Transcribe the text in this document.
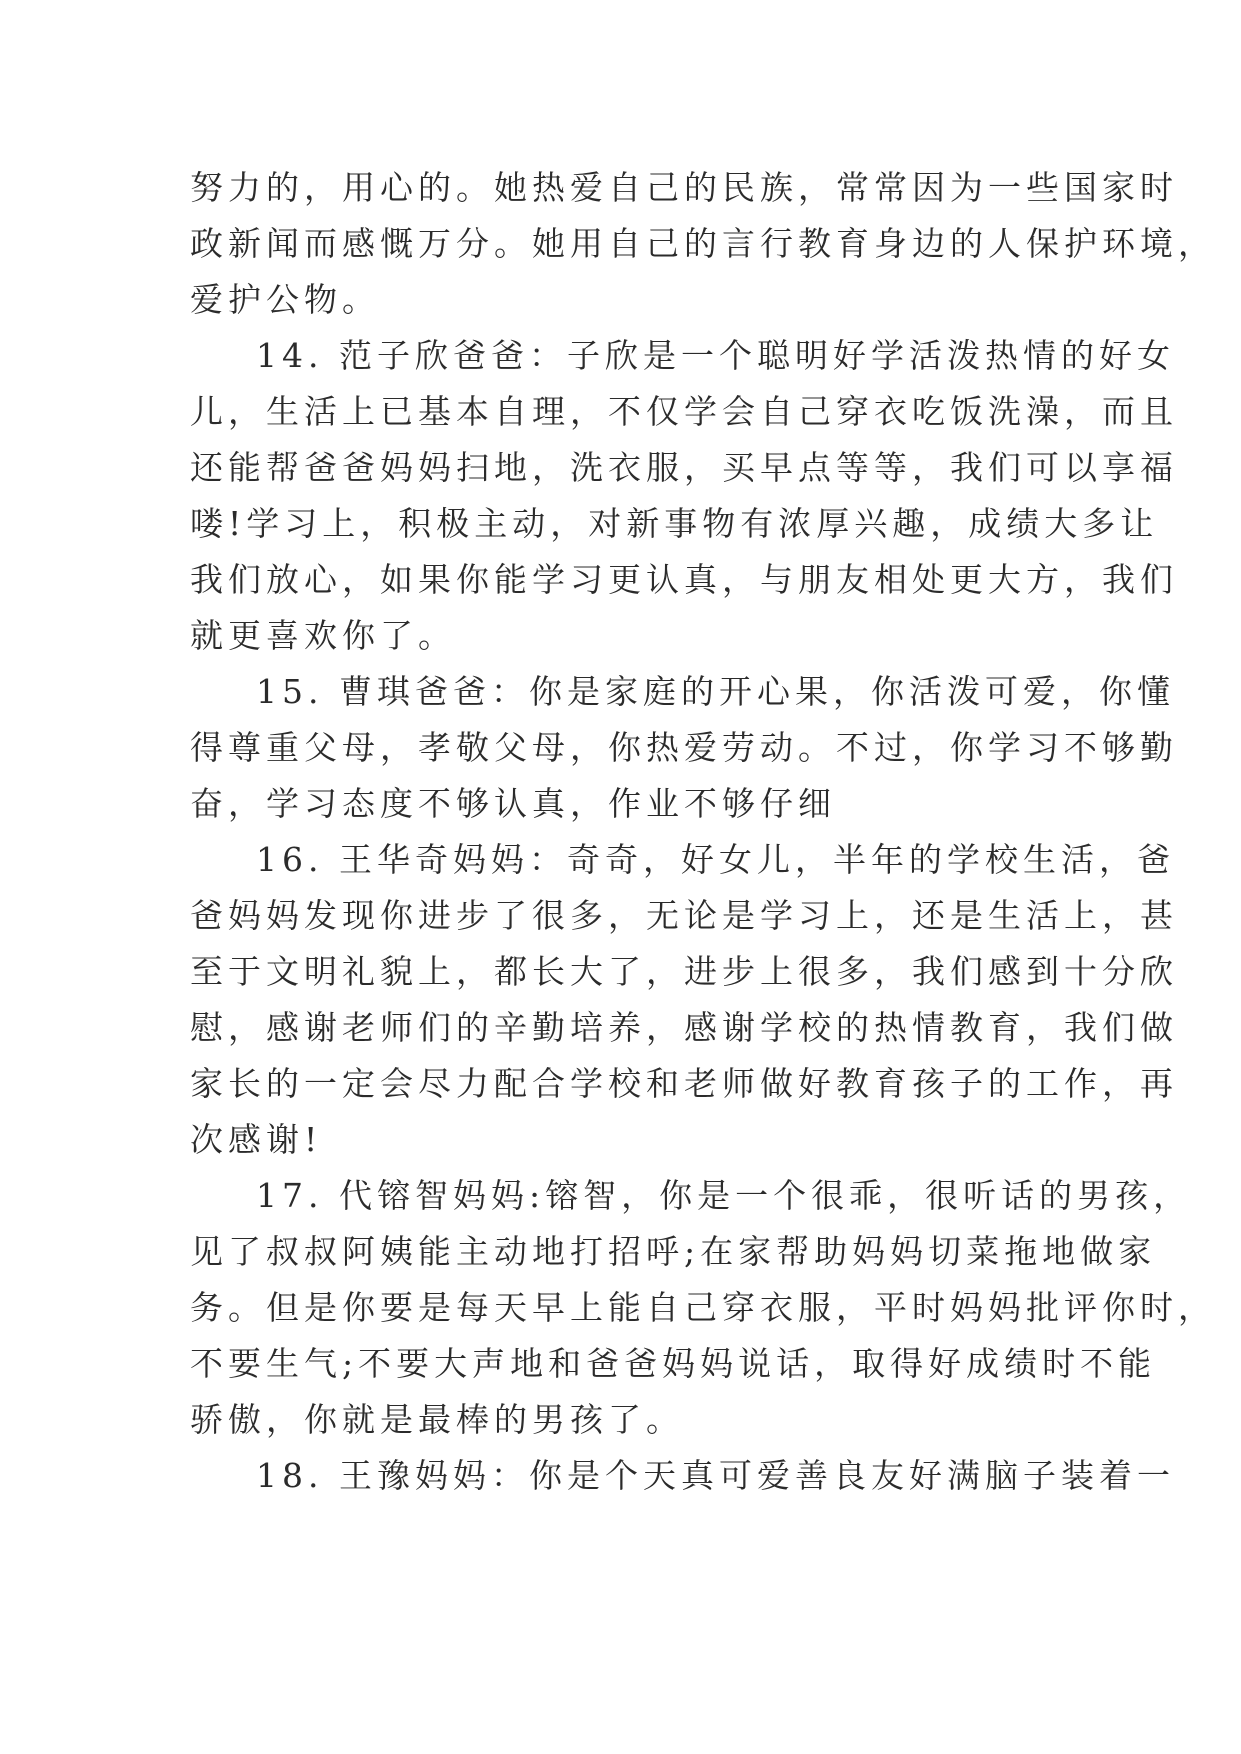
努力的，用心的。她热爱自己的民族，常常因为一些国家时
政新闻而感慨万分。她用自己的言行教育身边的人保护环境，
爱护公物。
14. 范子欣爸爸：子欣是一个聪明好学活泼热情的好女
儿，生活上已基本自理，不仅学会自己穿衣吃饭洗澡，而且
还能帮爸爸妈妈扫地，洗衣服，买早点等等，我们可以享福
喽!学习上，积极主动，对新事物有浓厚兴趣，成绩大多让
我们放心，如果你能学习更认真，与朋友相处更大方，我们
就更喜欢你了。
15. 曹琪爸爸：你是家庭的开心果，你活泼可爱，你懂
得尊重父母，孝敬父母，你热爱劳动。不过，你学习不够勤
奋，学习态度不够认真，作业不够仔细
16. 王华奇妈妈：奇奇，好女儿，半年的学校生活，爸
爸妈妈发现你进步了很多，无论是学习上，还是生活上，甚
至于文明礼貌上，都长大了，进步上很多，我们感到十分欣
慰，感谢老师们的辛勤培养，感谢学校的热情教育，我们做
家长的一定会尽力配合学校和老师做好教育孩子的工作，再
次感谢!
17. 代镕智妈妈:镕智，你是一个很乖，很听话的男孩，
见了叔叔阿姨能主动地打招呼;在家帮助妈妈切菜拖地做家
务。但是你要是每天早上能自己穿衣服，平时妈妈批评你时，
不要生气;不要大声地和爸爸妈妈说话，取得好成绩时不能
骄傲，你就是最棒的男孩了。
18. 王豫妈妈：你是个天真可爱善良友好满脑子装着一
